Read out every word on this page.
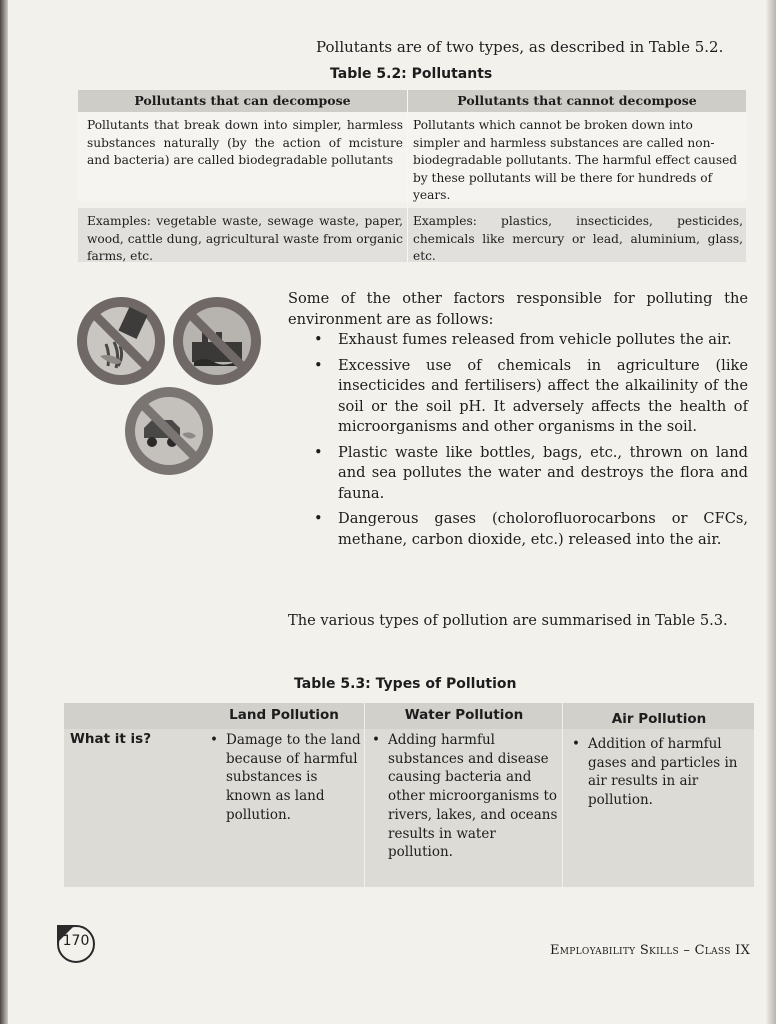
Pollutants are of two types, as described in Table 5.2.
Table 5.2: Pollutants
Pollutants that can decompose	Pollutants that cannot decompose
Pollutants that break down into simpler, harmless substances naturally (by the action of mcisture and bacteria) are called biodegradable pollutants
Pollutants which cannot be broken down into simpler and harmless substances are called non-biodegradable pollutants. The harmful effect caused by these pollutants will be there for hundreds of years.
Examples: vegetable waste, sewage waste, paper, wood, cattle dung, agricultural waste from organic farms, etc.
Examples: plastics, insecticides, pesticides, chemicals like mercury or lead, aluminium, glass, etc.
Some of the other factors responsible for polluting the environment are as follows:
• Exhaust fumes released from vehicle pollutes the air.
• Excessive use of chemicals in agriculture (like insecticides and fertilisers) affect the alkailinity of the soil or the soil pH. It adversely affects the health of microorganisms and other organisms in the soil.
• Plastic waste like bottles, bags, etc., thrown on land and sea pollutes the water and destroys the flora and fauna.
• Dangerous gases (cholorofluorocarbons or CFCs, methane, carbon dioxide, etc.) released into the air.
The various types of pollution are summarised in Table 5.3.
Table 5.3: Types of Pollution
Land Pollution	Water Pollution	Air Pollution
What it is?
•	Damage to the land because of harmful substances is known as land pollution.
• Adding harmful substances and disease causing bacteria and other microorganisms to rivers, lakes, and oceans results in water pollution.
• Addition of harmful gases and particles in air results in air pollution.
170
Employability Skills – Class IX
